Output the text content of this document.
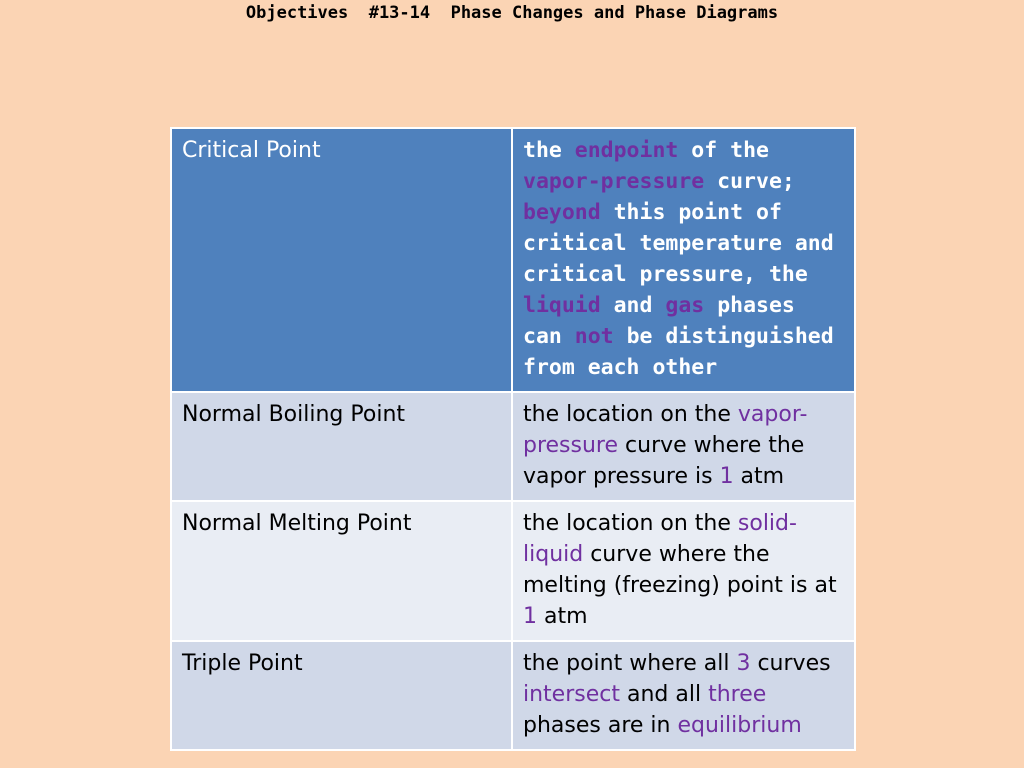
Objectives  #13-14  Phase Changes and Phase Diagrams
Critical Point	the endpoint of the vapor-pressure curve; beyond this point of critical temperature and critical pressure, the liquid and gas phases can not be distinguished from each other
Normal Boiling Point	the location on the vapor-pressure curve where the vapor pressure is 1 atm
Normal Melting Point	the location on the solid-liquid curve where the melting (freezing) point is at 1 atm
Triple Point	the point where all 3 curves intersect and all three phases are in equilibrium
